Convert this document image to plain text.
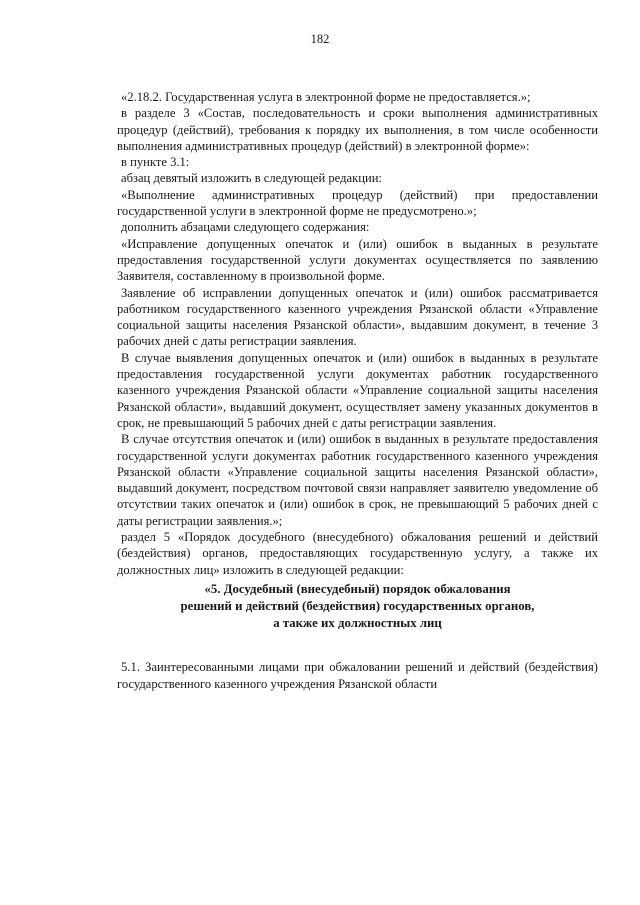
182

«2.18.2. Государственная услуга в электронной форме не предоставляется.»;

в разделе 3 «Состав, последовательность и сроки выполнения административных процедур (действий), требования к порядку их выполнения, в том числе особенности выполнения административных процедур (действий) в электронной форме»:

в пункте 3.1:

абзац девятый изложить в следующей редакции:

«Выполнение административных процедур (действий) при предоставлении государственной услуги в электронной форме не предусмотрено.»;

дополнить абзацами следующего содержания:

«Исправление допущенных опечаток и (или) ошибок в выданных в результате предоставления государственной услуги документах осуществляется по заявлению Заявителя, составленному в произвольной форме.

Заявление об исправлении допущенных опечаток и (или) ошибок рассматривается работником государственного казенного учреждения Рязанской области «Управление социальной защиты населения Рязанской области», выдавшим документ, в течение 3 рабочих дней с даты регистрации заявления.

В случае выявления допущенных опечаток и (или) ошибок в выданных в результате предоставления государственной услуги документах работник государственного казенного учреждения Рязанской области «Управление социальной защиты населения Рязанской области», выдавший документ, осуществляет замену указанных документов в срок, не превышающий 5 рабочих дней с даты регистрации заявления.

В случае отсутствия опечаток и (или) ошибок в выданных в результате предоставления государственной услуги документах работник государственного казенного учреждения Рязанской области «Управление социальной защиты населения Рязанской области», выдавший документ, посредством почтовой связи направляет заявителю уведомление об отсутствии таких опечаток и (или) ошибок в срок, не превышающий 5 рабочих дней с даты регистрации заявления.»;

раздел 5 «Порядок досудебного (внесудебного) обжалования решений и действий (бездействия) органов, предоставляющих государственную услугу, а также их должностных лиц» изложить в следующей редакции:

«5. Досудебный (внесудебный) порядок обжалования
решений и действий (бездействия) государственных органов,
а также их должностных лиц

5.1. Заинтересованными лицами при обжаловании решений и действий (бездействия) государственного казенного учреждения Рязанской области
